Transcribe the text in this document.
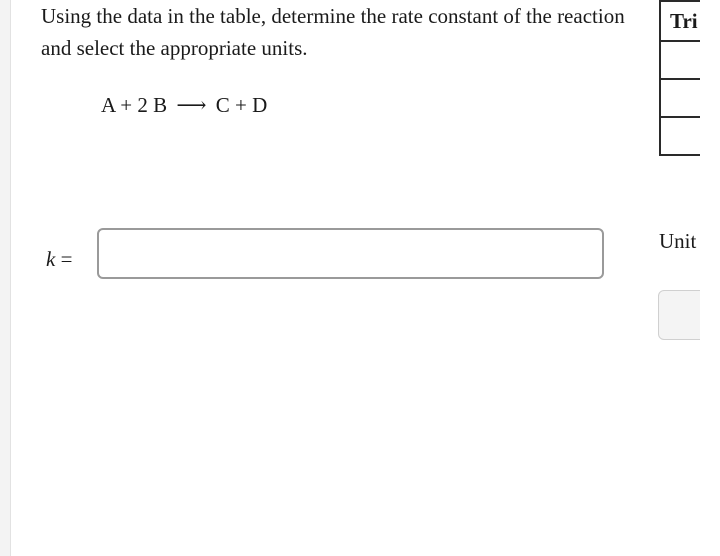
Using the data in the table, determine the rate constant of the reaction and select the appropriate units.

A + 2 B ⟶ C + D
k =
Tri

Unit
